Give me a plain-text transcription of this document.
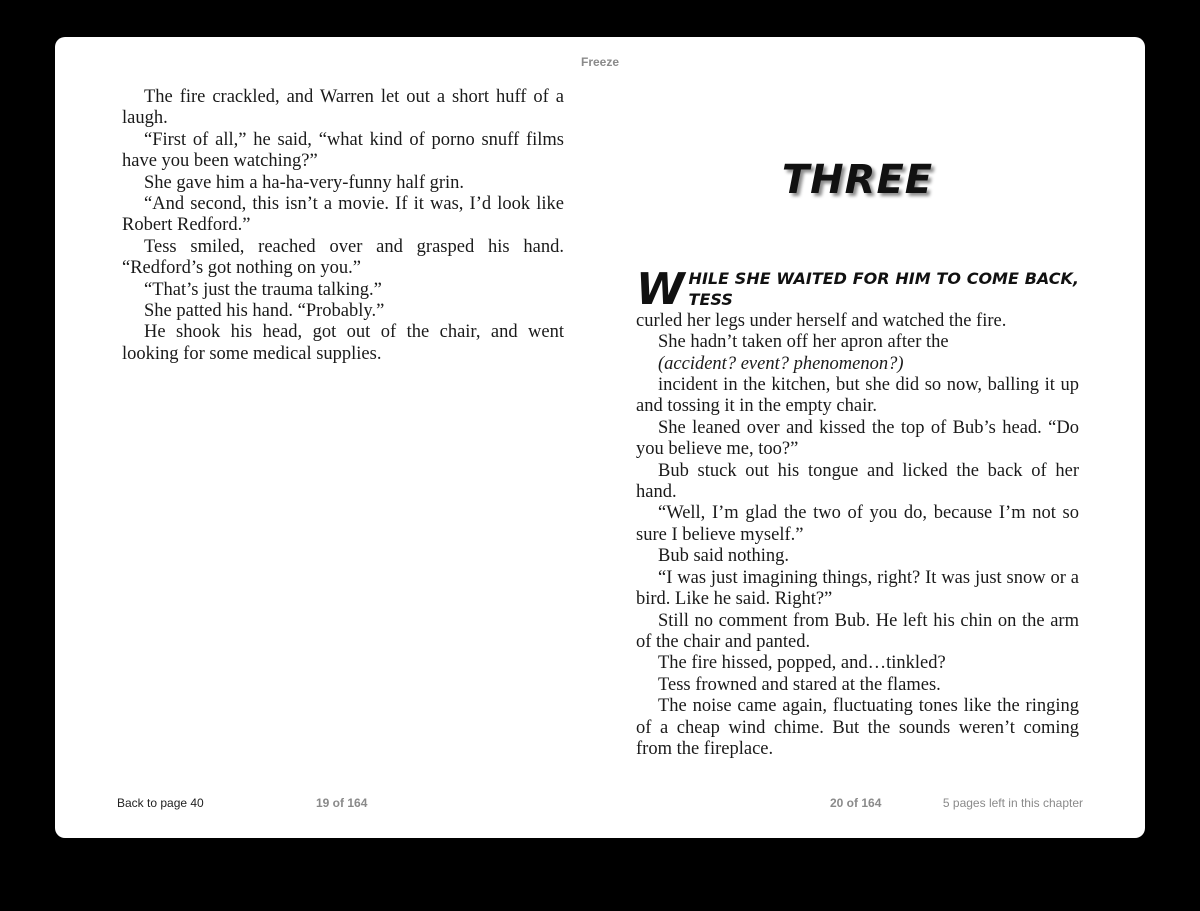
Freeze

The fire crackled, and Warren let out a short huff of a laugh.

“First of all,” he said, “what kind of porno snuff films have you been watching?”

She gave him a ha-ha-very-funny half grin.

“And second, this isn’t a movie. If it was, I’d look like Robert Redford.”

Tess smiled, reached over and grasped his hand. “Redford’s got nothing on you.”

“That’s just the trauma talking.”

She patted his hand. “Probably.”

He shook his head, got out of the chair, and went looking for some medical supplies.

THREE
W HILE SHE WAITED FOR HIM TO COME BACK, TESS
curled her legs under herself and watched the fire.

She hadn’t taken off her apron after the

(accident? event? phenomenon?)

incident in the kitchen, but she did so now, balling it up and tossing it in the empty chair.

She leaned over and kissed the top of Bub’s head. “Do you believe me, too?”

Bub stuck out his tongue and licked the back of her hand.

“Well, I’m glad the two of you do, because I’m not so sure I believe myself.”

Bub said nothing.

“I was just imagining things, right? It was just snow or a bird. Like he said. Right?”

Still no comment from Bub. He left his chin on the arm of the chair and panted.

The fire hissed, popped, and…tinkled?

Tess frowned and stared at the flames.

The noise came again, fluctuating tones like the ringing of a cheap wind chime. But the sounds weren’t coming from the fireplace.

Back to page 40	19 of 164	20 of 164	5 pages left in this chapter
